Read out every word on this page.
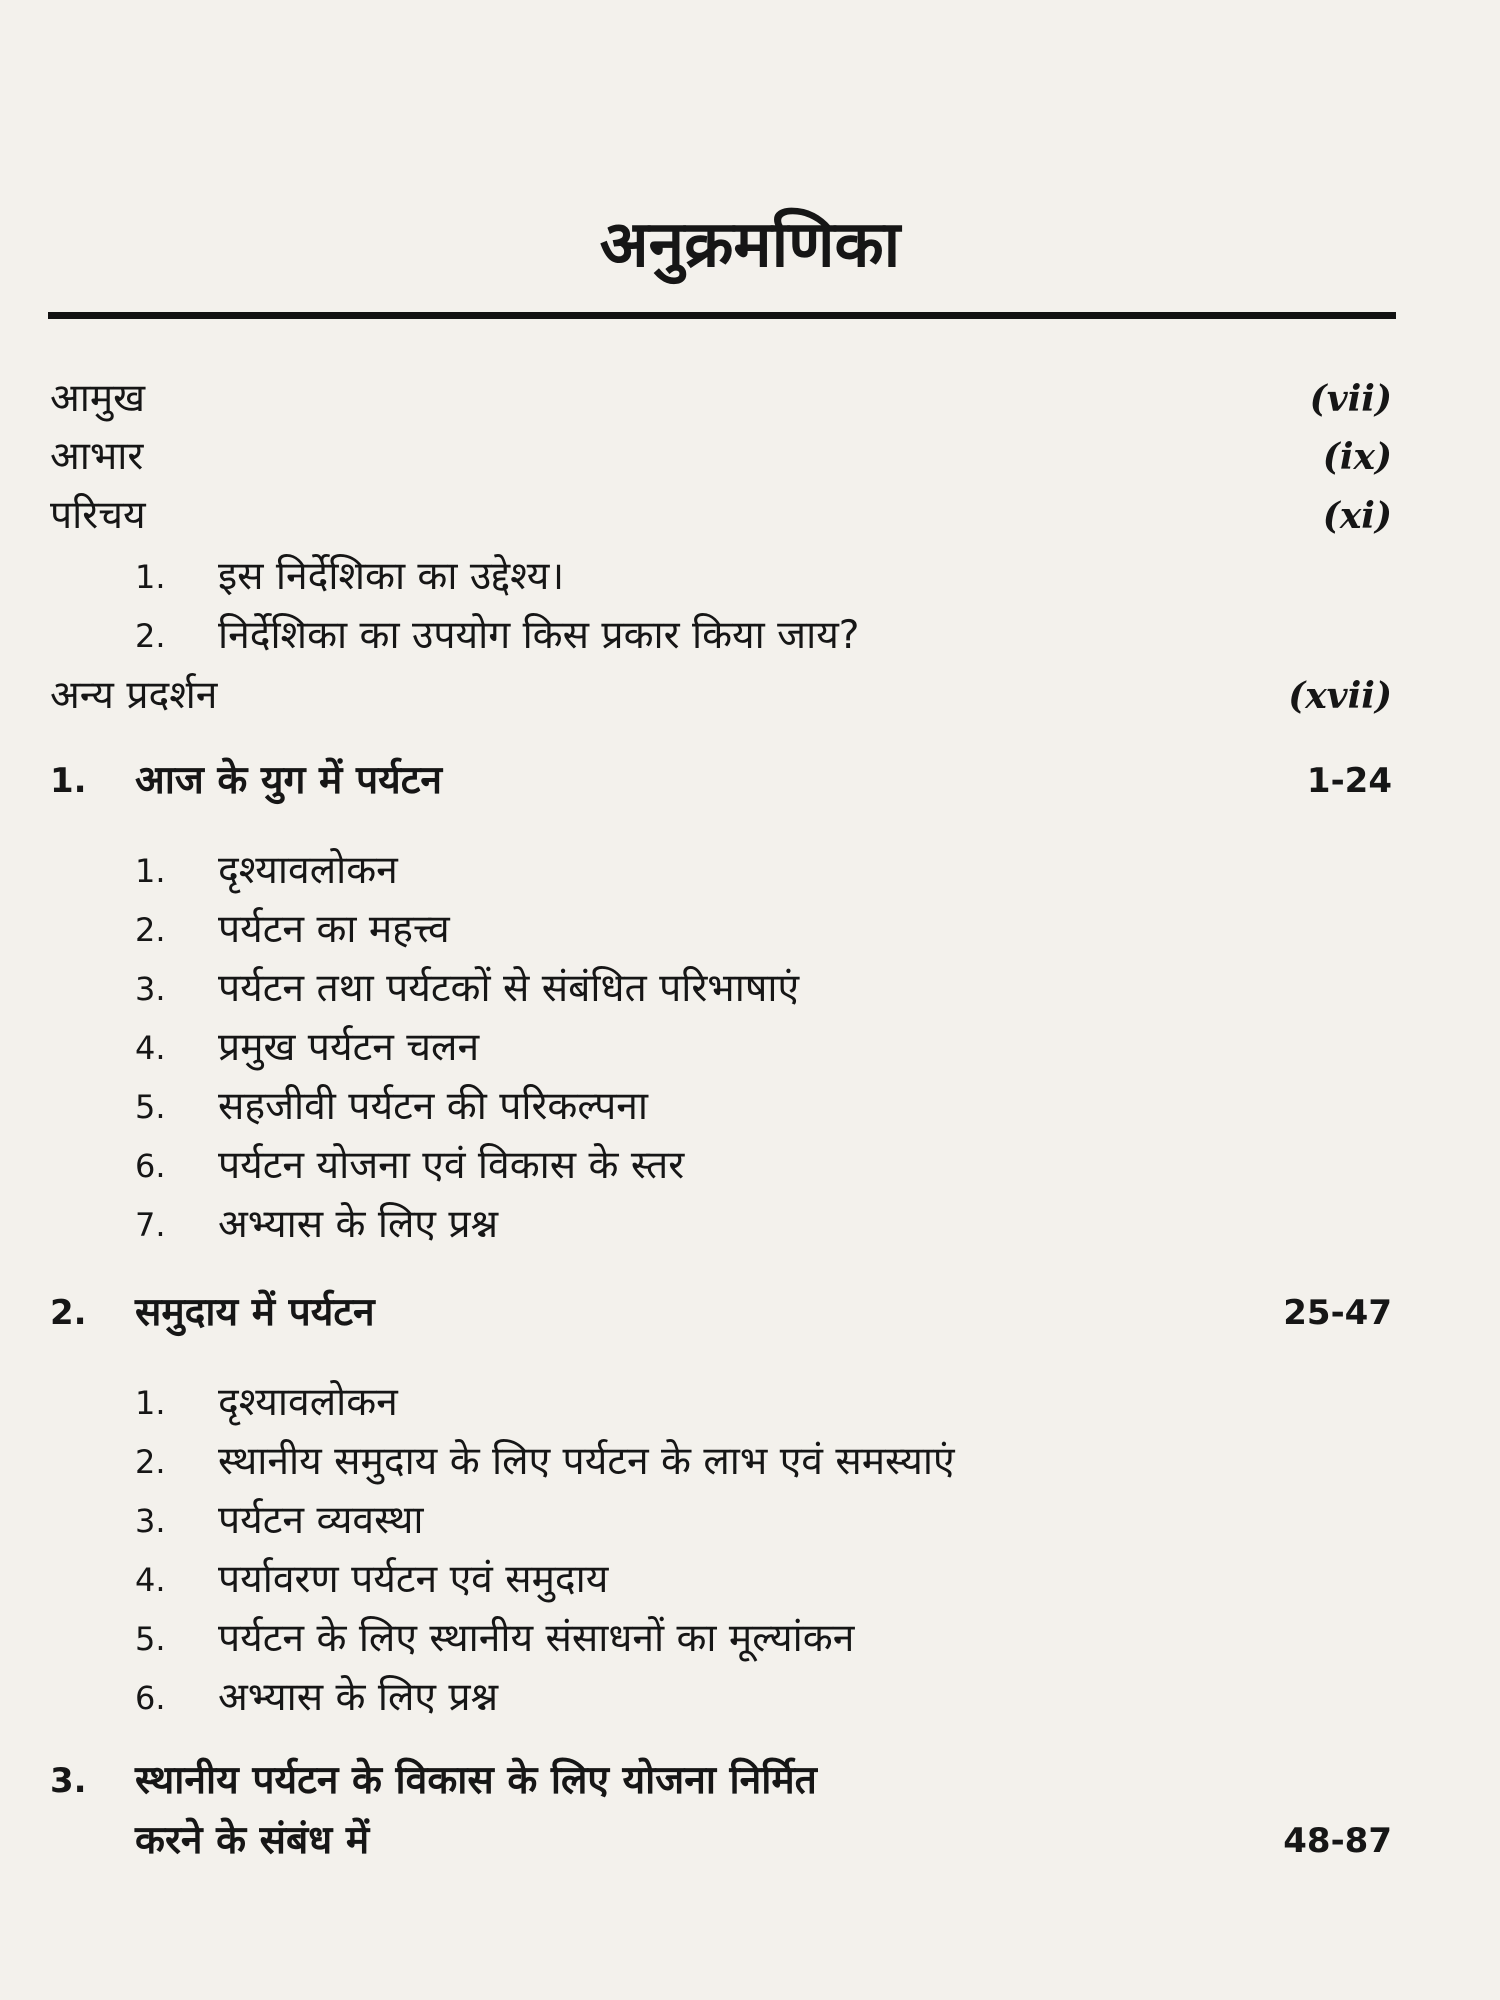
अनुक्रमणिका
आमुख	(vii)
आभार	(ix)
परिचय	(xi)
1. इस निर्देशिका का उद्देश्य।
2. निर्देशिका का उपयोग किस प्रकार किया जाय?
अन्य प्रदर्शन	(xvii)
1. आज के युग में पर्यटन	1-24
1. दृश्यावलोकन
2. पर्यटन का महत्त्व
3. पर्यटन तथा पर्यटकों से संबंधित परिभाषाएं
4. प्रमुख पर्यटन चलन
5. सहजीवी पर्यटन की परिकल्पना
6. पर्यटन योजना एवं विकास के स्तर
7. अभ्यास के लिए प्रश्न
2. समुदाय में पर्यटन	25-47
1. दृश्यावलोकन
2. स्थानीय समुदाय के लिए पर्यटन के लाभ एवं समस्याएं
3. पर्यटन व्यवस्था
4. पर्यावरण पर्यटन एवं समुदाय
5. पर्यटन के लिए स्थानीय संसाधनों का मूल्यांकन
6. अभ्यास के लिए प्रश्न
3. स्थानीय पर्यटन के विकास के लिए योजना निर्मित
करने के संबंध में	48-87
